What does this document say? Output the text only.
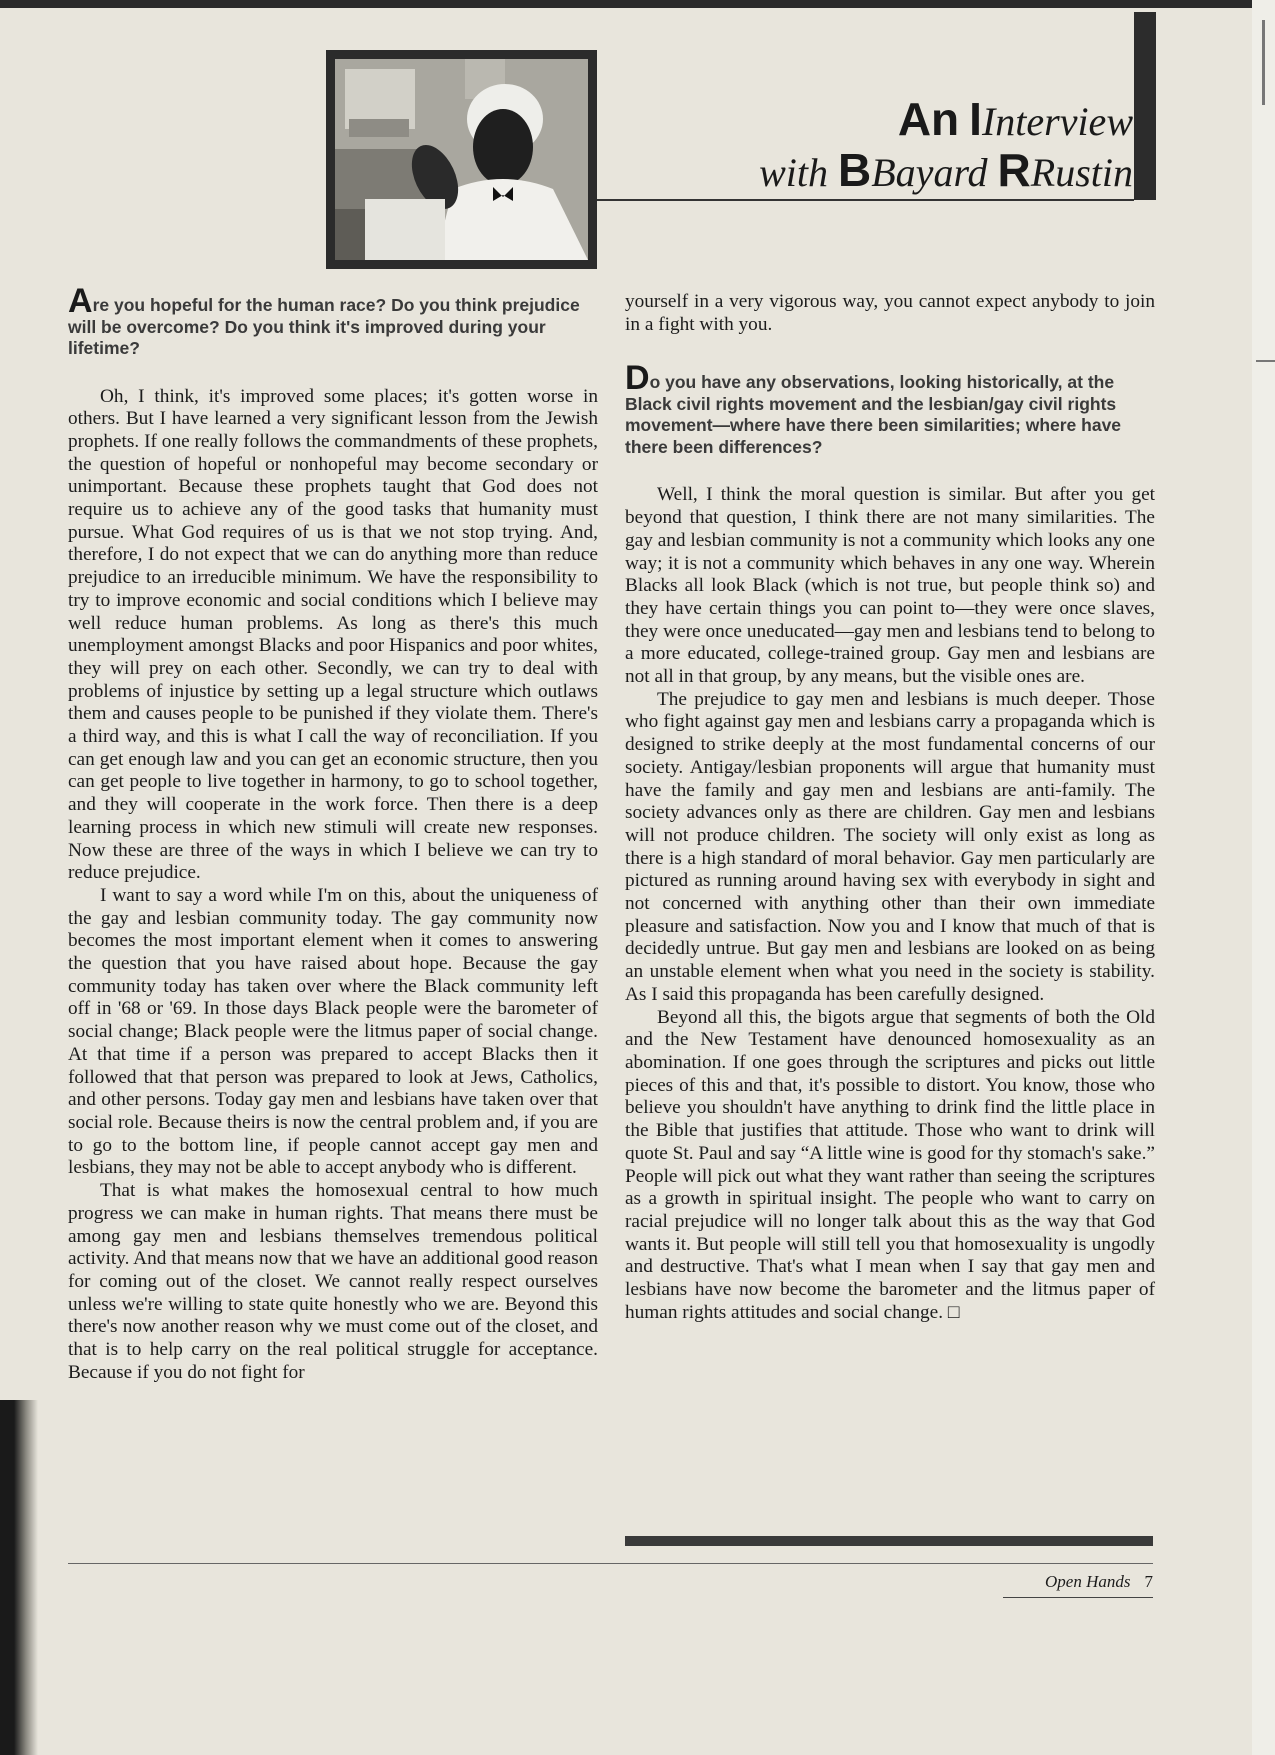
An IInterview
with BBayard RRustin

Are you hopeful for the human race? Do you think prejudice will be overcome? Do you think it's improved during your lifetime?

Oh, I think, it's improved some places; it's gotten worse in others. But I have learned a very significant lesson from the Jewish prophets. If one really follows the commandments of these prophets, the question of hopeful or nonhopeful may become secondary or unimportant. Because these prophets taught that God does not require us to achieve any of the good tasks that humanity must pursue. What God requires of us is that we not stop trying. And, therefore, I do not expect that we can do anything more than reduce prejudice to an irreducible minimum. We have the responsibility to try to improve economic and social conditions which I believe may well reduce human problems. As long as there's this much unemployment amongst Blacks and poor Hispanics and poor whites, they will prey on each other. Secondly, we can try to deal with problems of injustice by setting up a legal structure which outlaws them and causes people to be punished if they violate them. There's a third way, and this is what I call the way of reconciliation. If you can get enough law and you can get an economic structure, then you can get people to live together in harmony, to go to school together, and they will cooperate in the work force. Then there is a deep learning process in which new stimuli will create new responses. Now these are three of the ways in which I believe we can try to reduce prejudice.

I want to say a word while I'm on this, about the uniqueness of the gay and lesbian community today. The gay community now becomes the most important element when it comes to answering the question that you have raised about hope. Because the gay community today has taken over where the Black community left off in '68 or '69. In those days Black people were the barometer of social change; Black people were the litmus paper of social change. At that time if a person was prepared to accept Blacks then it followed that that person was prepared to look at Jews, Catholics, and other persons. Today gay men and lesbians have taken over that social role. Because theirs is now the central problem and, if you are to go to the bottom line, if people cannot accept gay men and lesbians, they may not be able to accept anybody who is different.

That is what makes the homosexual central to how much progress we can make in human rights. That means there must be among gay men and lesbians themselves tremendous political activity. And that means now that we have an additional good reason for coming out of the closet. We cannot really respect ourselves unless we're willing to state quite honestly who we are. Beyond this there's now another reason why we must come out of the closet, and that is to help carry on the real political struggle for acceptance. Because if you do not fight for

yourself in a very vigorous way, you cannot expect anybody to join in a fight with you.

Do you have any observations, looking historically, at the Black civil rights movement and the lesbian/gay civil rights movement—where have there been similarities; where have there been differences?

Well, I think the moral question is similar. But after you get beyond that question, I think there are not many similarities. The gay and lesbian community is not a community which looks any one way; it is not a community which behaves in any one way. Wherein Blacks all look Black (which is not true, but people think so) and they have certain things you can point to—they were once slaves, they were once uneducated—gay men and lesbians tend to belong to a more educated, college-trained group. Gay men and lesbians are not all in that group, by any means, but the visible ones are.

The prejudice to gay men and lesbians is much deeper. Those who fight against gay men and lesbians carry a propaganda which is designed to strike deeply at the most fundamental concerns of our society. Antigay/lesbian proponents will argue that humanity must have the family and gay men and lesbians are anti-family. The society advances only as there are children. Gay men and lesbians will not produce children. The society will only exist as long as there is a high standard of moral behavior. Gay men particularly are pictured as running around having sex with everybody in sight and not concerned with anything other than their own immediate pleasure and satisfaction. Now you and I know that much of that is decidedly untrue. But gay men and lesbians are looked on as being an unstable element when what you need in the society is stability. As I said this propaganda has been carefully designed.

Beyond all this, the bigots argue that segments of both the Old and the New Testament have denounced homosexuality as an abomination. If one goes through the scriptures and picks out little pieces of this and that, it's possible to distort. You know, those who believe you shouldn't have anything to drink find the little place in the Bible that justifies that attitude. Those who want to drink will quote St. Paul and say “A little wine is good for thy stomach's sake.” People will pick out what they want rather than seeing the scriptures as a growth in spiritual insight. The people who want to carry on racial prejudice will no longer talk about this as the way that God wants it. But people will still tell you that homosexuality is ungodly and destructive. That's what I mean when I say that gay men and lesbians have now become the barometer and the litmus paper of human rights attitudes and social change. □

Open Hands 7
